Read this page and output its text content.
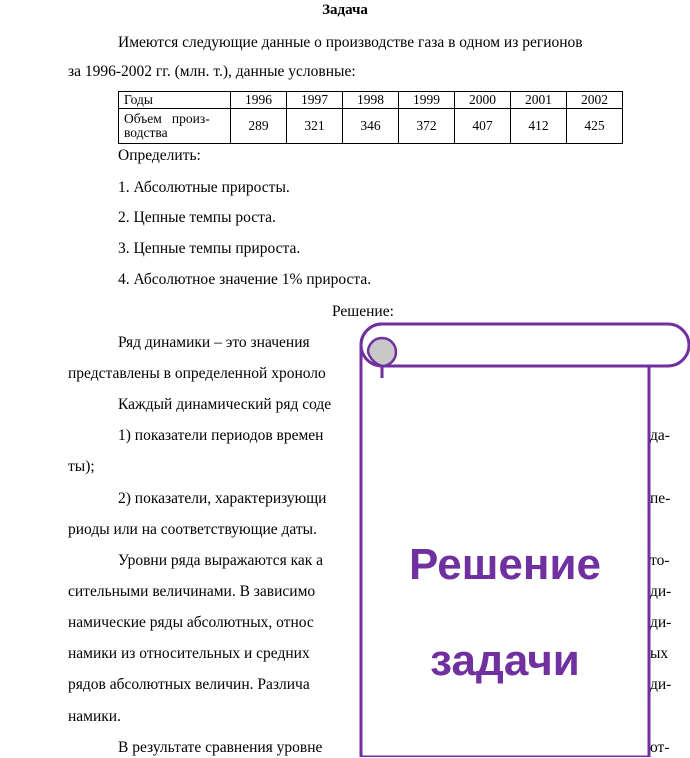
Задача
Имеются следующие данные о производстве газа в одном из регионов
за 1996-2002 гг. (млн. т.), данные условные:
Годы	1996	1997	1998	1999	2000	2001	2002
Объем   произ-
водства	289	321	346	372	407	412	425
Определить:
1. Абсолютные приросты.
2. Цепные темпы роста.
3. Цепные темпы прироста.
4. Абсолютное значение 1% прироста.
Решение:
Ряд динамики – это значения
представлены в определенной хроноло
Каждый динамический ряд соде
1) показатели периодов времен
ты);
2) показатели, характеризующи
риоды или на соответствующие даты.
Уровни ряда выражаются как а
сительными величинами. В зависимо
намические ряды абсолютных, относ
намики из относительных и средних
рядов абсолютных величин. Различа
намики.
В результате сравнения уровне
да-
пе-
то-
ди-
ди-
ых
ди-
от-
Решение
задачи
